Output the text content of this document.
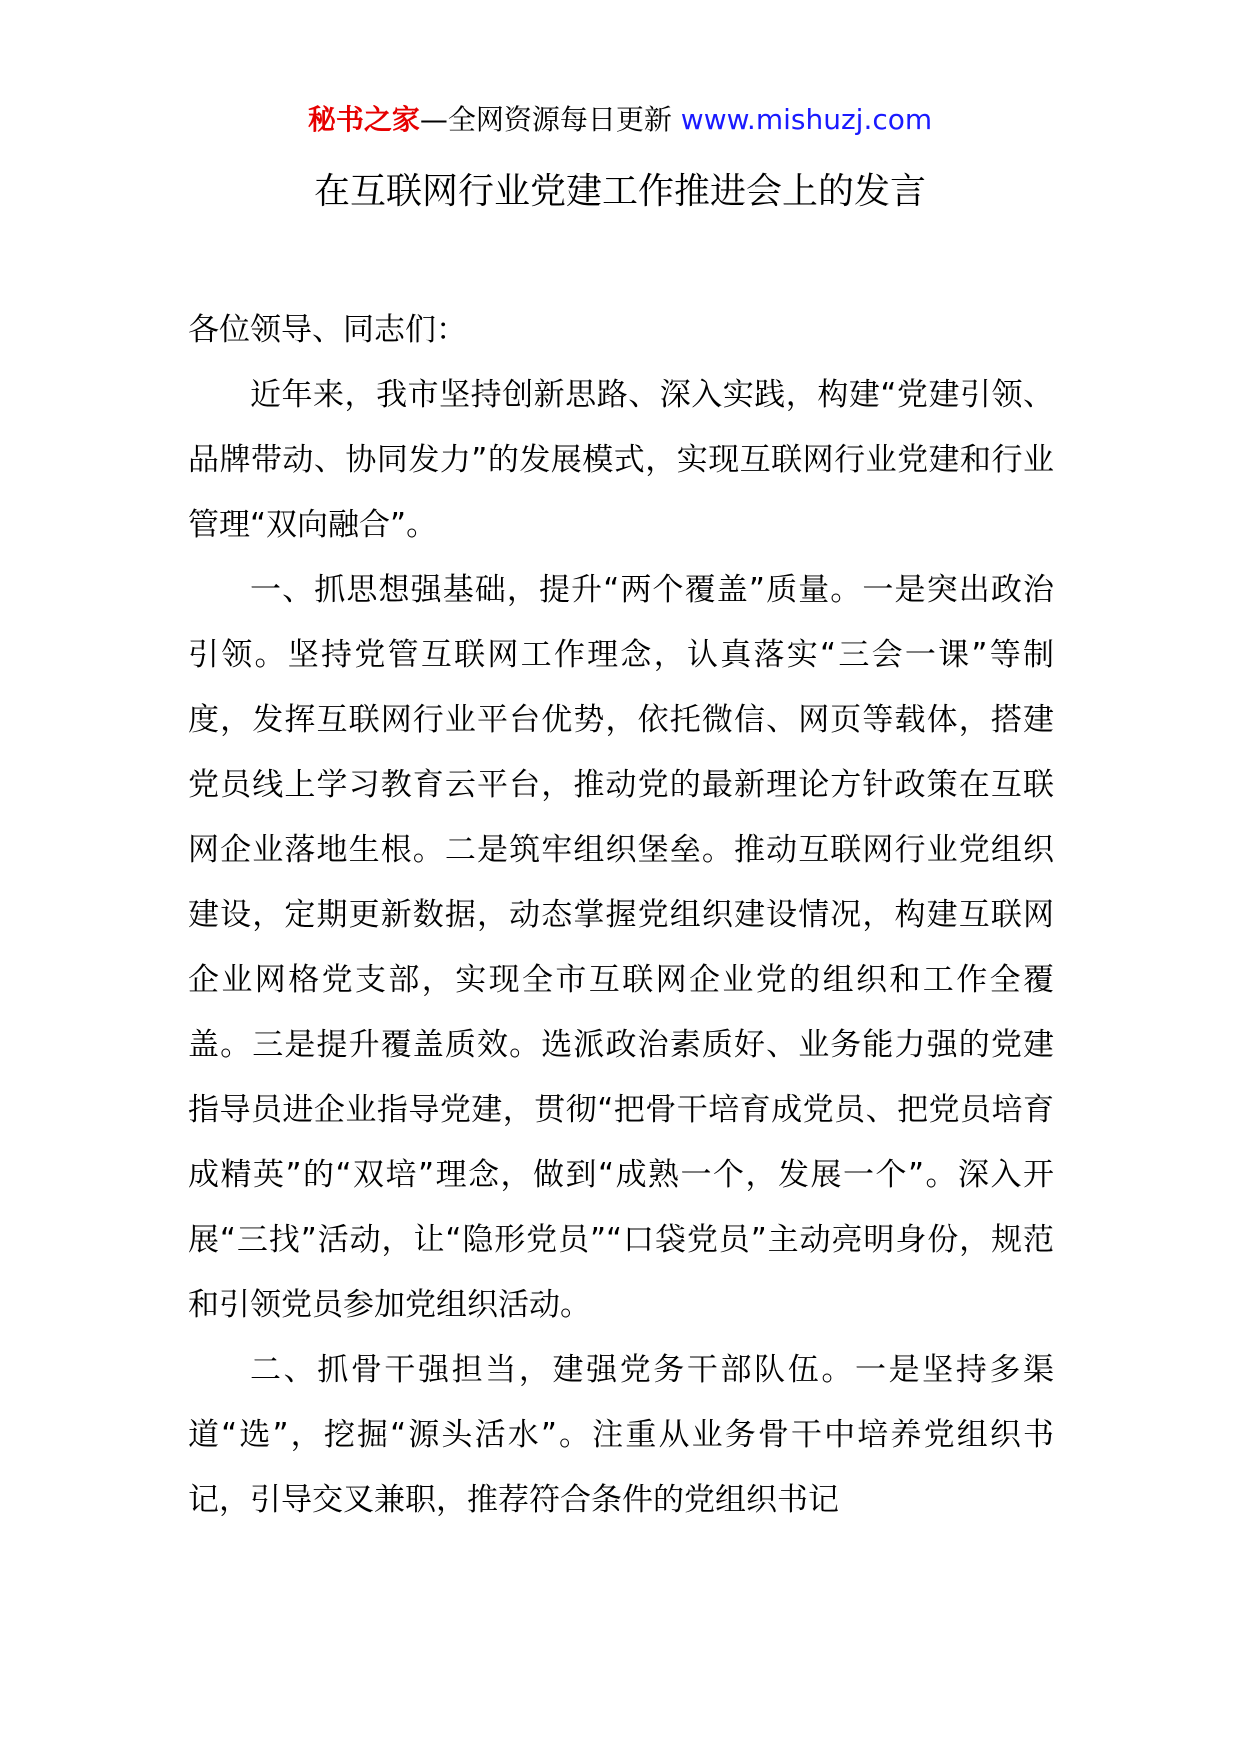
秘书之家—全网资源每日更新 www.mishuzj.com
在互联网行业党建工作推进会上的发言

各位领导、同志们：

近年来，我市坚持创新思路、深入实践，构建“党建引领、品牌带动、协同发力”的发展模式，实现互联网行业党建和行业管理“双向融合”。

一、抓思想强基础，提升“两个覆盖”质量。一是突出政治引领。坚持党管互联网工作理念，认真落实“三会一课”等制度，发挥互联网行业平台优势，依托微信、网页等载体，搭建党员线上学习教育云平台，推动党的最新理论方针政策在互联网企业落地生根。二是筑牢组织堡垒。推动互联网行业党组织建设，定期更新数据，动态掌握党组织建设情况，构建互联网企业网格党支部，实现全市互联网企业党的组织和工作全覆盖。三是提升覆盖质效。选派政治素质好、业务能力强的党建指导员进企业指导党建，贯彻“把骨干培育成党员、把党员培育成精英”的“双培”理念，做到“成熟一个，发展一个”。深入开展“三找”活动，让“隐形党员”“口袋党员”主动亮明身份，规范和引领党员参加党组织活动。

二、抓骨干强担当，建强党务干部队伍。一是坚持多渠道“选”，挖掘“源头活水”。注重从业务骨干中培养党组织书记，引导交叉兼职，推荐符合条件的党组织书记
